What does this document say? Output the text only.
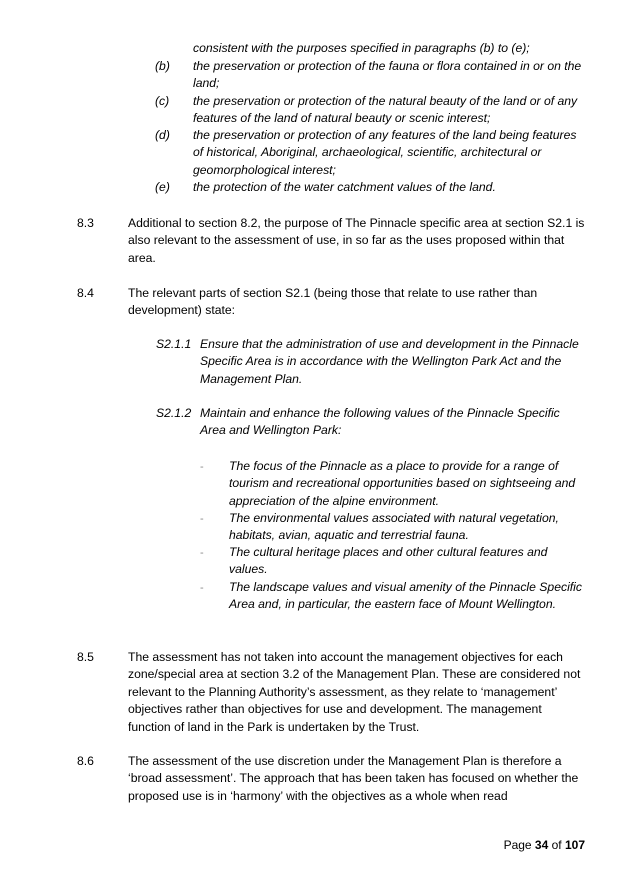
consistent with the purposes specified in paragraphs (b) to (e);
(b) the preservation or protection of the fauna or flora contained in or on the land;
(c) the preservation or protection of the natural beauty of the land or of any features of the land of natural beauty or scenic interest;
(d) the preservation or protection of any features of the land being features of historical, Aboriginal, archaeological, scientific, architectural or geomorphological interest;
(e) the protection of the water catchment values of the land.
8.3	Additional to section 8.2, the purpose of The Pinnacle specific area at section S2.1 is also relevant to the assessment of use, in so far as the uses proposed within that area.
8.4	The relevant parts of section S2.1 (being those that relate to use rather than development) state:
S2.1.1 Ensure that the administration of use and development in the Pinnacle Specific Area is in accordance with the Wellington Park Act and the Management Plan.
S2.1.2 Maintain and enhance the following values of the Pinnacle Specific Area and Wellington Park:
- The focus of the Pinnacle as a place to provide for a range of tourism and recreational opportunities based on sightseeing and appreciation of the alpine environment.
- The environmental values associated with natural vegetation, habitats, avian, aquatic and terrestrial fauna.
- The cultural heritage places and other cultural features and values.
- The landscape values and visual amenity of the Pinnacle Specific Area and, in particular, the eastern face of Mount Wellington.
8.5	The assessment has not taken into account the management objectives for each zone/special area at section 3.2 of the Management Plan. These are considered not relevant to the Planning Authority’s assessment, as they relate to ‘management’ objectives rather than objectives for use and development. The management function of land in the Park is undertaken by the Trust.
8.6	The assessment of the use discretion under the Management Plan is therefore a ‘broad assessment’. The approach that has been taken has focused on whether the proposed use is in ‘harmony’ with the objectives as a whole when read
Page 34 of 107
